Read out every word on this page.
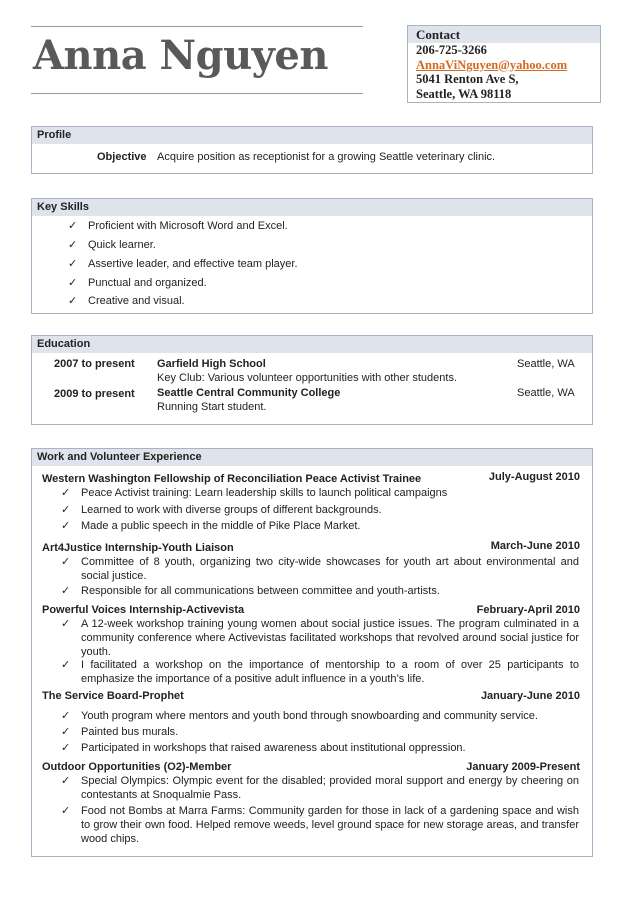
Anna Nguyen	Contact
206-725-3266
AnnaViNguyen@yahoo.com
5041 Renton Ave S,
Seattle, WA 98118
Profile
Objective Acquire position as receptionist for a growing Seattle veterinary clinic.
Key Skills
✓ Proficient with Microsoft Word and Excel.
✓ Quick learner.
✓ Assertive leader, and effective team player.
✓ Punctual and organized.
✓ Creative and visual.
Education
2007 to present Garfield High School	Seattle, WA
Key Club: Various volunteer opportunities with other students.
2009 to present Seattle Central Community College	Seattle, WA
Running Start student.
Work and Volunteer Experience
Western Washington Fellowship of Reconciliation Peace Activist Trainee	July-August 2010
✓ Peace Activist training: Learn leadership skills to launch political campaigns
✓ Learned to work with diverse groups of different backgrounds.
✓ Made a public speech in the middle of Pike Place Market.
Art4Justice Internship-Youth Liaison	March-June 2010
✓ Committee of 8 youth, organizing two city-wide showcases for youth art about environmental and social justice.
✓ Responsible for all communications between committee and youth-artists.
Powerful Voices Internship-Activevista	February-April 2010
✓ A 12-week workshop training young women about social justice issues. The program culminated in a community conference where Activevistas facilitated workshops that revolved around social justice for youth.
✓ I facilitated a workshop on the importance of mentorship to a room of over 25 participants to emphasize the importance of a positive adult influence in a youth’s life.
The Service Board-Prophet	January-June 2010
✓ Youth program where mentors and youth bond through snowboarding and community service.
✓ Painted bus murals.
✓ Participated in workshops that raised awareness about institutional oppression.
Outdoor Opportunities (O2)-Member	January 2009-Present
✓ Special Olympics: Olympic event for the disabled; provided moral support and energy by cheering on contestants at Snoqualmie Pass.
✓ Food not Bombs at Marra Farms: Community garden for those in lack of a gardening space and wish to grow their own food. Helped remove weeds, level ground space for new storage areas, and transfer wood chips.
